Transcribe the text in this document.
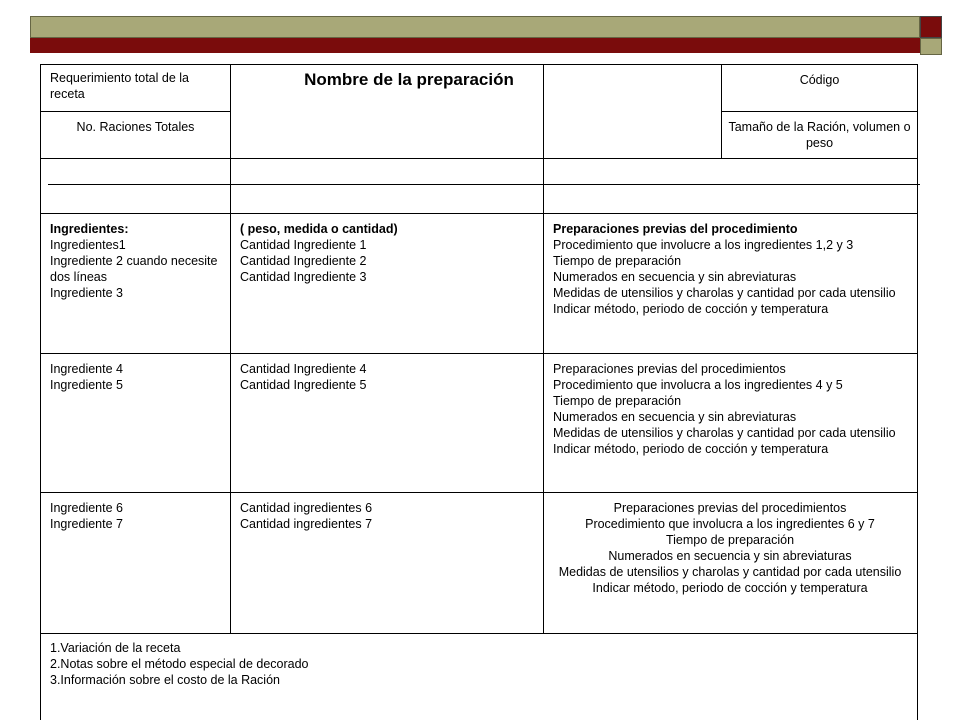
Requerimiento total de la receta
Nombre de la preparación	Código
No. Raciones Totales	Tamaño de la Ración, volumen o peso
Ingredientes:
Ingredientes1
Ingrediente 2 cuando necesite dos líneas
Ingrediente 3
( peso, medida o cantidad)
Cantidad Ingrediente 1
Cantidad Ingrediente 2
Cantidad Ingrediente 3
Preparaciones previas del procedimiento
Procedimiento que involucre a los ingredientes 1,2 y 3
Tiempo de preparación
Numerados en secuencia y sin abreviaturas
Medidas de utensilios y charolas y cantidad por cada utensilio
Indicar método, periodo de cocción y temperatura
Ingrediente 4
Ingrediente 5
Cantidad Ingrediente 4
Cantidad Ingrediente 5
Preparaciones previas del procedimientos
Procedimiento que involucra a los ingredientes 4 y 5
Tiempo de preparación
Numerados en secuencia y sin abreviaturas
Medidas de utensilios y charolas y cantidad por cada utensilio
Indicar método, periodo de cocción y temperatura
Ingrediente 6
Ingrediente 7
Cantidad ingredientes 6
Cantidad ingredientes 7
Preparaciones previas del procedimientos
Procedimiento que involucra a los ingredientes 6 y 7
Tiempo de preparación
Numerados en secuencia y sin abreviaturas
Medidas de utensilios y charolas y cantidad por cada utensilio
Indicar método, periodo de cocción y temperatura
1.Variación de la receta
2.Notas sobre el método especial de decorado
3.Información sobre el costo de la Ración
